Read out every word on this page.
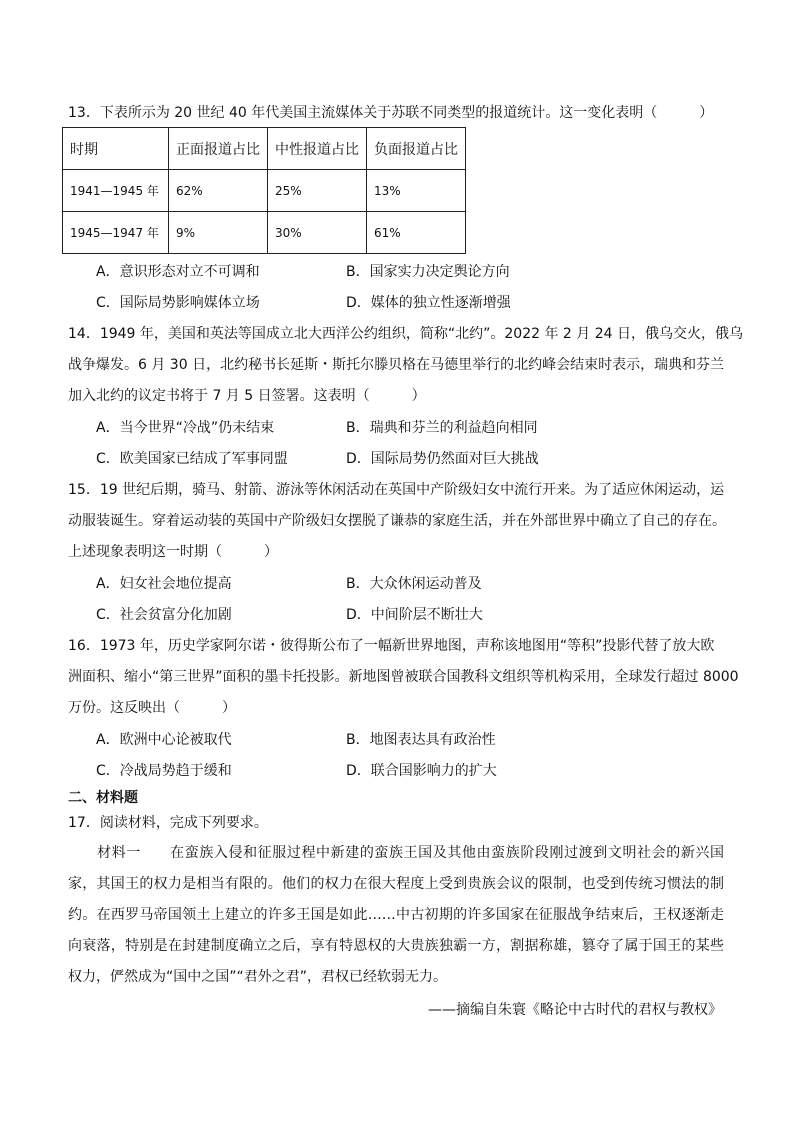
13．下表所示为 20 世纪 40 年代美国主流媒体关于苏联不同类型的报道统计。这一变化表明（　　　）
时期	正面报道占比	中性报道占比	负面报道占比
1941—1945 年	62%	25%	13%
1945—1947 年	9%	30%	61%
A．意识形态对立不可调和	B．国家实力决定舆论方向
C．国际局势影响媒体立场	D．媒体的独立性逐渐增强
14．1949 年，美国和英法等国成立北大西洋公约组织，简称“北约”。2022 年 2 月 24 日，俄乌交火，俄乌
战争爆发。6 月 30 日，北约秘书长延斯・斯托尔滕贝格在马德里举行的北约峰会结束时表示，瑞典和芬兰
加入北约的议定书将于 7 月 5 日签署。这表明（　　　）
A．当今世界“冷战”仍未结束	B．瑞典和芬兰的利益趋向相同
C．欧美国家已结成了军事同盟	D．国际局势仍然面对巨大挑战
15．19 世纪后期，骑马、射箭、游泳等休闲活动在英国中产阶级妇女中流行开来。为了适应休闲运动，运
动服装诞生。穿着运动装的英国中产阶级妇女摆脱了谦恭的家庭生活，并在外部世界中确立了自己的存在。
上述现象表明这一时期（　　　）
A．妇女社会地位提高	B．大众休闲运动普及
C．社会贫富分化加剧	D．中间阶层不断壮大
16．1973 年，历史学家阿尔诺・彼得斯公布了一幅新世界地图，声称该地图用“等积”投影代替了放大欧
洲面积、缩小“第三世界”面积的墨卡托投影。新地图曾被联合国教科文组织等机构采用，全球发行超过 8000
万份。这反映出（　　　）
A．欧洲中心论被取代	B．地图表达具有政治性
C．冷战局势趋于缓和	D．联合国影响力的扩大
二、材料题
17．阅读材料，完成下列要求。
　　材料一　　在蛮族入侵和征服过程中新建的蛮族王国及其他由蛮族阶段刚过渡到文明社会的新兴国家，其国王的权力是相当有限的。他们的权力在很大程度上受到贵族会议的限制，也受到传统习惯法的制约。在西罗马帝国领土上建立的许多王国是如此……中古初期的许多国家在征服战争结束后，王权逐渐走向衰落，特别是在封建制度确立之后，享有特恩权的大贵族独霸一方，割据称雄，篡夺了属于国王的某些权力，俨然成为“国中之国”“君外之君”，君权已经软弱无力。
——摘编自朱寰《略论中古时代的君权与教权》
